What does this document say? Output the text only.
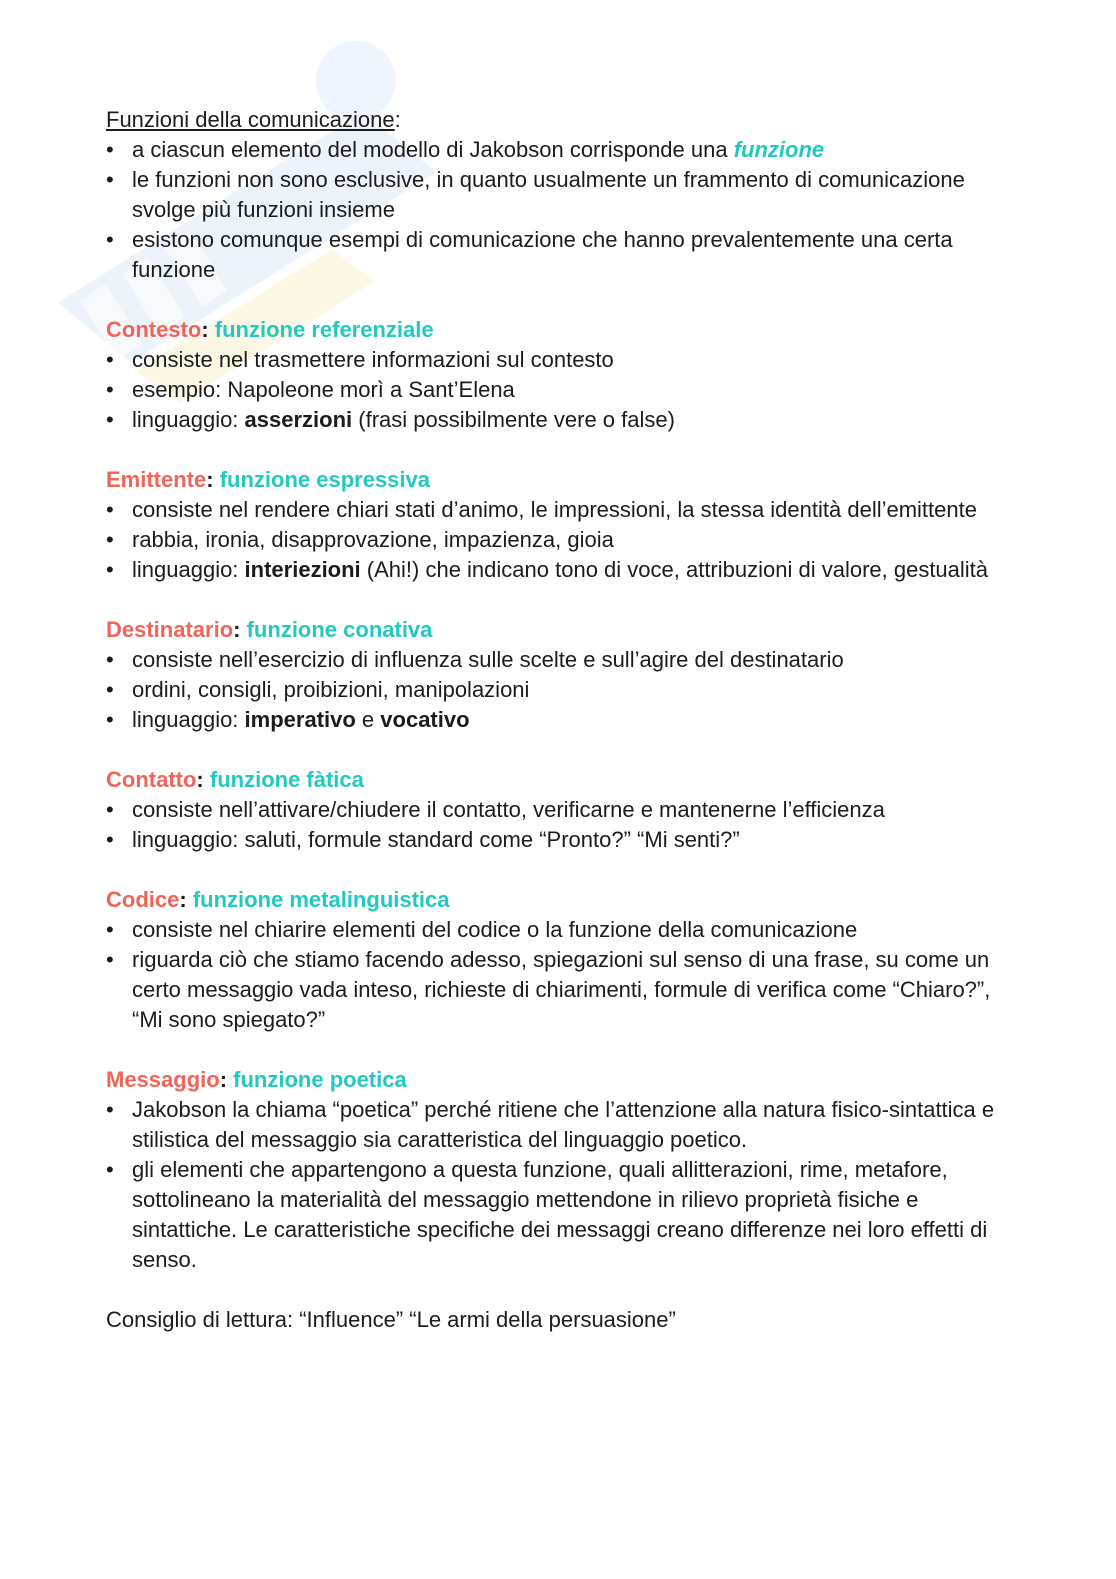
Funzioni della comunicazione:
• a ciascun elemento del modello di Jakobson corrisponde una funzione
• le funzioni non sono esclusive, in quanto usualmente un frammento di comunicazione svolge più funzioni insieme
• esistono comunque esempi di comunicazione che hanno prevalentemente una certa funzione
Contesto: funzione referenziale
• consiste nel trasmettere informazioni sul contesto
• esempio: Napoleone morì a Sant’Elena
• linguaggio: asserzioni (frasi possibilmente vere o false)
Emittente: funzione espressiva
• consiste nel rendere chiari stati d’animo, le impressioni, la stessa identità dell’emittente
• rabbia, ironia, disapprovazione, impazienza, gioia
• linguaggio: interiezioni (Ahi!) che indicano tono di voce, attribuzioni di valore, gestualità
Destinatario: funzione conativa
• consiste nell’esercizio di influenza sulle scelte e sull’agire del destinatario
• ordini, consigli, proibizioni, manipolazioni
• linguaggio: imperativo e vocativo
Contatto: funzione fàtica
• consiste nell’attivare/chiudere il contatto, verificarne e mantenerne l’efficienza
• linguaggio: saluti, formule standard come “Pronto?” “Mi senti?”
Codice: funzione metalinguistica
• consiste nel chiarire elementi del codice o la funzione della comunicazione
• riguarda ciò che stiamo facendo adesso, spiegazioni sul senso di una frase, su come un certo messaggio vada inteso, richieste di chiarimenti, formule di verifica come “Chiaro?”, “Mi sono spiegato?”
Messaggio: funzione poetica
• Jakobson la chiama “poetica” perché ritiene che l’attenzione alla natura fisico-sintattica e stilistica del messaggio sia caratteristica del linguaggio poetico.
• gli elementi che appartengono a questa funzione, quali allitterazioni, rime, metafore, sottolineano la materialità del messaggio mettendone in rilievo proprietà fisiche e sintattiche. Le caratteristiche specifiche dei messaggi creano differenze nei loro effetti di senso.
Consiglio di lettura: “Influence” “Le armi della persuasione”
